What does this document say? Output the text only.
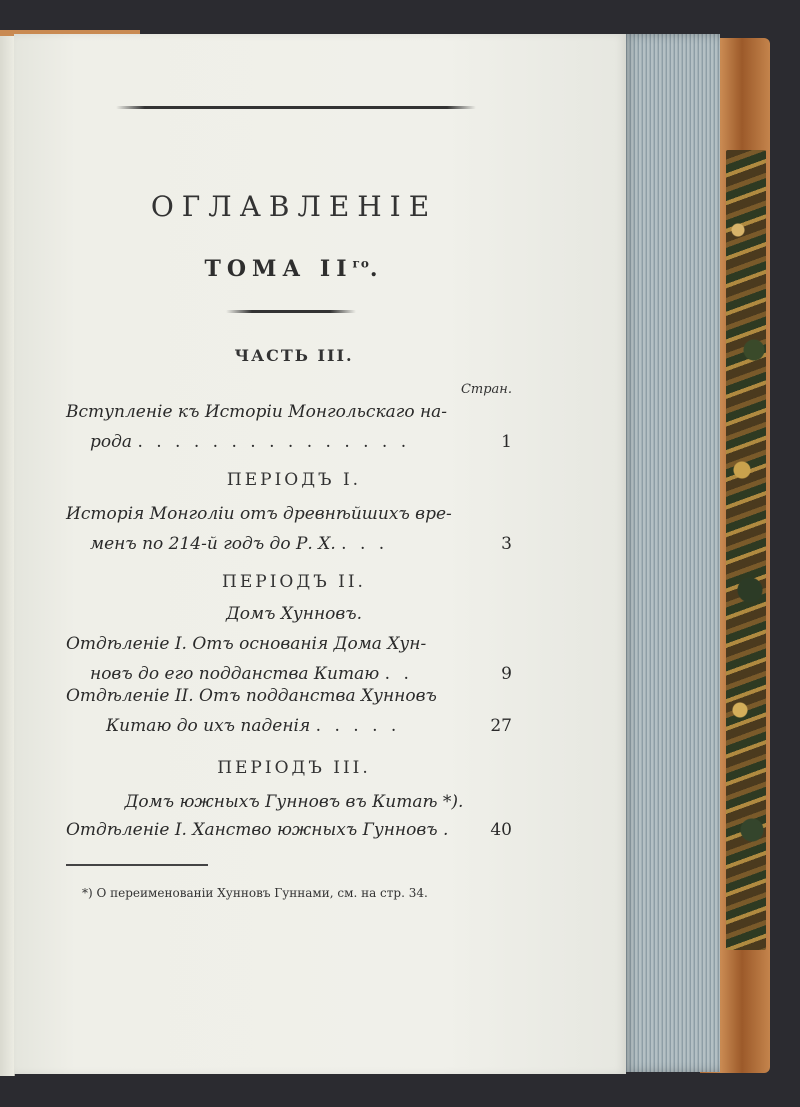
ОГЛАВЛЕНІЕ
ТОМА $II^{го}$.
ЧАСТЬ III.
Стран.
Вступленіе къ Исторіи Монгольскаго на-
рода . . . . . . . . . . . . . . .	1
ПЕРІОДЪ I.
Исторія Монголіи отъ древнѣйшихъ вре-
менъ по 214-й годъ до Р. Х. . . .	3
ПЕРІОДЪ II.
Домъ Хунновъ.
Отдѣленіе I. Отъ основанія Дома Хун-
новъ до его подданства Китаю . .	9
Отдѣленіе II. Отъ подданства Хунновъ
Китаю до ихъ паденія . . . . .	27
ПЕРІОДЪ III.
Домъ южныхъ Гунновъ въ Китаѣ *).
Отдѣленіе I. Ханство южныхъ Гунновъ .	40
*) О переименованіи Хунновъ Гуннами, см. на стр. 34.
